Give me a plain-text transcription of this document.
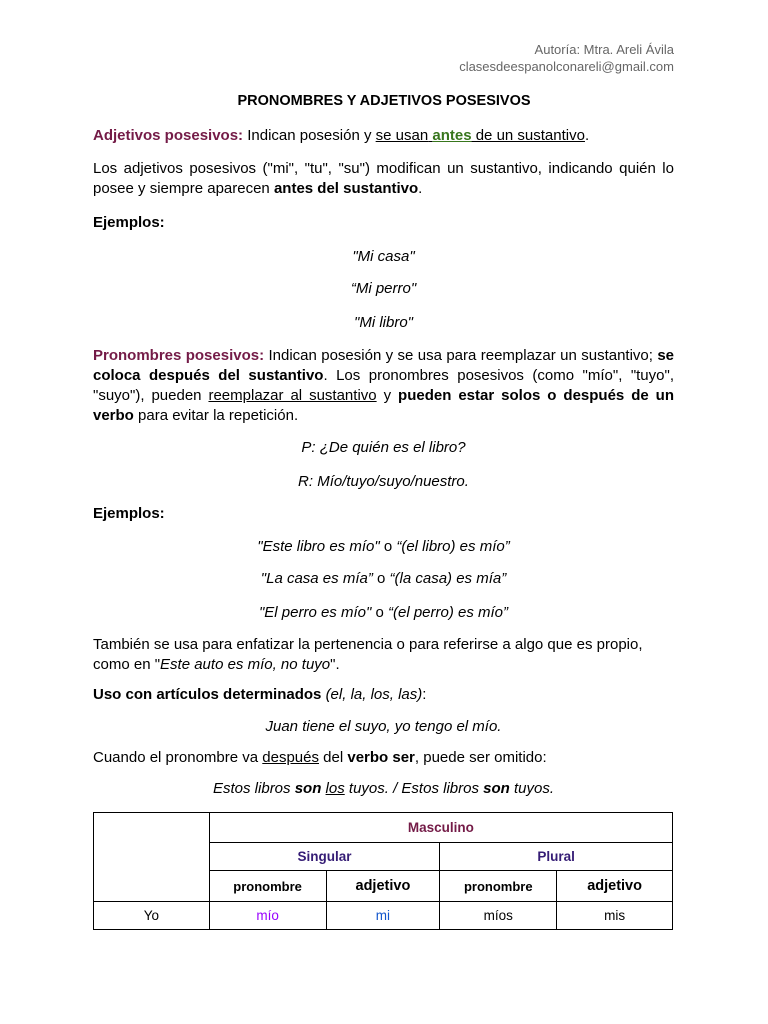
Autoría: Mtra. Areli Ávila
clasesdeespanolconareli@gmail.com
PRONOMBRES Y ADJETIVOS POSESIVOS
Adjetivos posesivos: Indican posesión y se usan antes de un sustantivo.
Los adjetivos posesivos ("mi", "tu", "su") modifican un sustantivo, indicando quién lo posee y siempre aparecen antes del sustantivo.
Ejemplos:
"Mi casa"
“Mi perro"
"Mi libro"
Pronombres posesivos: Indican posesión y se usa para reemplazar un sustantivo; se coloca después del sustantivo. Los pronombres posesivos (como "mío", "tuyo", "suyo"), pueden reemplazar al sustantivo y pueden estar solos o después de un verbo para evitar la repetición.
P: ¿De quién es el libro?
R: Mío/tuyo/suyo/nuestro.
Ejemplos:
"Este libro es mío" o “(el libro) es mío”
"La casa es mía” o “(la casa) es mía”
"El perro es mío" o “(el perro) es mío”
También se usa para enfatizar la pertenencia o para referirse a algo que es propio, como en "Este auto es mío, no tuyo".
Uso con artículos determinados (el, la, los, las):
Juan tiene el suyo, yo tengo el mío.
Cuando el pronombre va después del verbo ser, puede ser omitido:
Estos libros son los tuyos. / Estos libros son tuyos.
	Masculino			
	Singular		Plural	
	pronombre	adjetivo	pronombre	adjetivo
Yo	mío	mi	míos	mis
